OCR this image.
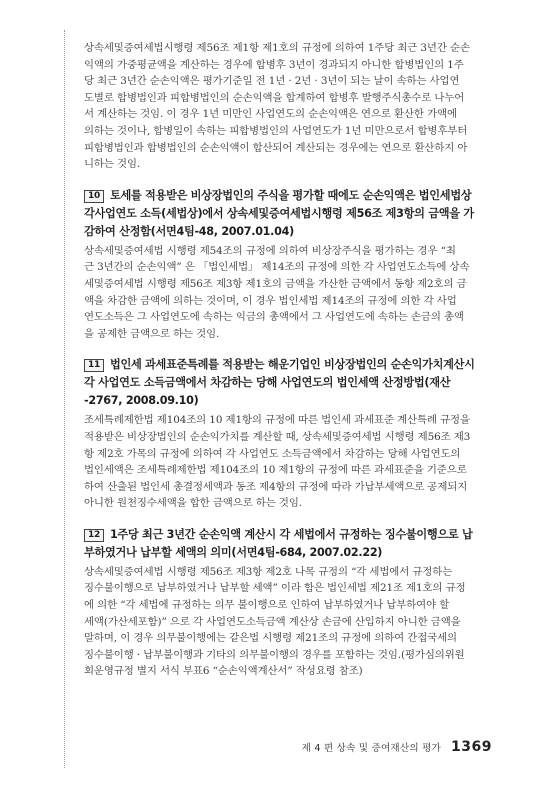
상속세및증여세법시행령 제56조 제1항 제1호의 규정에 의하여 1주당 최근 3년간 순손
익액의 가중평균액을 계산하는 경우에 합병후 3년이 경과되지 아니한 합병법인의 1주
당 최근 3년간 순손익액은 평가기준일 전 1년 · 2년 · 3년이 되는 날이 속하는 사업연
도별로 합병법인과 피합병법인의 순손익액을 합계하여 합병후 발행주식총수로 나누어
서 계산하는 것임. 이 경우 1년 미만인 사업연도의 순손익액은 연으로 환산한 가액에
의하는 것이나, 합병일이 속하는 피합병법인의 사업연도가 1년 미만으로서 합병후부터
피합병법인과 합병법인의 순손익액이 합산되어 계산되는 경우에는 연으로 환산하지 아
니하는 것임.

10 토세를 적용받은 비상장법인의 주식을 평가할 때에도 순손익액은 법인세법상
각사업연도 소득(세법상)에서 상속세및증여세법시행령 제56조 제3항의 금액을 가
감하여 산정함(서면4팀-48, 2007.01.04)

상속세및증여세법 시행령 제54조의 규정에 의하여 비상장주식을 평가하는 경우 “최
근 3년간의 순손익액” 은 「법인세법」 제14조의 규정에 의한 각 사업연도소득에 상속
세및증여세법 시행령 제56조 제3항 제1호의 금액을 가산한 금액에서 동항 제2호의 금
액을 차감한 금액에 의하는 것이며, 이 경우 법인세법 제14조의 규정에 의한 각 사업
연도소득은 그 사업연도에 속하는 익금의 총액에서 그 사업연도에 속하는 손금의 총액
을 공제한 금액으로 하는 것임.

11 법인세 과세표준특례를 적용받는 해운기업인 비상장법인의 순손익가치계산시
각 사업연도 소득금액에서 차감하는 당해 사업연도의 법인세액 산정방법(재산
-2767, 2008.09.10)

조세특례제한법 제104조의 10 제1항의 규정에 따른 법인세 과세표준 계산특례 규정을
적용받은 비상장법인의 순손익가치를 계산할 때, 상속세및증여세법 시행령 제56조 제3
항 제2호 가목의 규정에 의하여 각 사업연도 소득금액에서 차감하는 당해 사업연도의
법인세액은 조세특례제한법 제104조의 10 제1항의 규정에 따른 과세표준을 기준으로
하여 산출된 법인세 총결정세액과 동조 제4항의 규정에 따라 가납부세액으로 공제되지
아니한 원천징수세액을 합한 금액으로 하는 것임.

12 1주당 최근 3년간 순손익액 계산시 각 세법에서 규정하는 징수불이행으로 납
부하였거나 납부할 세액의 의미(서면4팀-684, 2007.02.22)

상속세및증여세법 시행령 제56조 제3항 제2호 나목 규정의 “각 세법에서 규정하는
징수불이행으로 납부하였거나 납부할 세액” 이라 함은 법인세법 제21조 제1호의 규정
에 의한 “각 세법에 규정하는 의무 불이행으로 인하여 납부하였거나 납부하여야 할
세액(가산세포함)” 으로 각 사업연도소득금액 계산상 손금에 산입하지 아니한 금액을
말하며, 이 경우 의무불이행에는 같은법 시행령 제21조의 규정에 의하여 간접국세의
징수불이행 · 납부불이행과 기타의 의무불이행의 경우를 포함하는 것임.(평가심의위원
회운영규정 별지 서식 부표6 “순손익액계산서” 작성요령 참조)

제 4 편 상속 및 증여재산의 평가 1369
